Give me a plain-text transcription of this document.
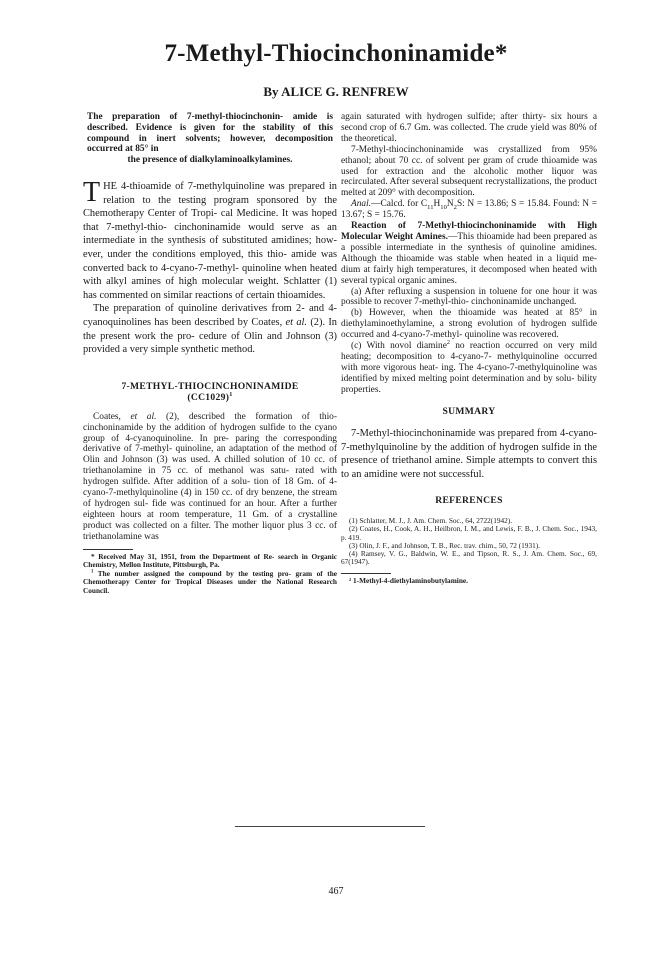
7-Methyl-Thiocinchoninamide*
By ALICE G. RENFREW

The preparation of 7-methyl-thiocinchonin- amide is described. Evidence is given for the stability of this compound in inert solvents; however, decomposition occurred at 85° in
the presence of dialkylaminoalkylamines.

THE 4-thioamide of 7-methylquinoline was prepared in relation to the testing program sponsored by the Chemotherapy Center of Tropi- cal Medicine. It was hoped that 7-methyl-thio- cinchoninamide would serve as an intermediate in the synthesis of substituted amidines; how- ever, under the conditions employed, this thio- amide was converted back to 4-cyano-7-methyl- quinoline when heated with alkyl amines of high molecular weight. Schlatter (1) has commented on similar reactions of certain thioamides.

The preparation of quinoline derivatives from 2- and 4-cyanoquinolines has been described by Coates, et al. (2). In the present work the pro- cedure of Olin and Johnson (3) provided a very simple synthetic method.

7-METHYL-THIOCINCHONINAMIDE
$(CC1029)^1$

Coates, et al. (2), described the formation of thio- cinchoninamide by the addition of hydrogen sulfide to the cyano group of 4-cyanoquinoline. In pre- paring the corresponding derivative of 7-methyl- quinoline, an adaptation of the method of Olin and Johnson (3) was used. A chilled solution of 10 cc. of triethanolamine in 75 cc. of methanol was satu- rated with hydrogen sulfide. After addition of a solu- tion of 18 Gm. of 4-cyano-7-methylquinoline (4) in 150 cc. of dry benzene, the stream of hydrogen sul- fide was continued for an hour. After a further eighteen hours at room temperature, 11 Gm. of a crystalline product was collected on a filter. The mother liquor plus 3 cc. of triethanolamine was

* Received May 31, 1951, from the Department of Re- search in Organic Chemistry, Mellon Institute, Pittsburgh, Pa.

$^1$ The number assigned the compound by the testing pro- gram of the Chemotherapy Center for Tropical Diseases under the National Research Council.

again saturated with hydrogen sulfide; after thirty- six hours a second crop of 6.7 Gm. was collected. The crude yield was 80% of the theoretical.

7-Methyl-thiocinchoninamide was crystallized from 95% ethanol; about 70 cc. of solvent per gram of crude thioamide was used for extraction and the alcoholic mother liquor was recirculated. After several subsequent recrystallizations, the product melted at 209° with decomposition.

Anal.—Calcd. for $C_{11}H_{10}N_2S$: N = 13.86; S = 15.84. Found: N = 13.67; S = 15.76.

Reaction of 7-Methyl-thiocinchoninamide with High Molecular Weight Amines.—This thioamide had been prepared as a possible intermediate in the synthesis of quinoline amidines. Although the thioamide was stable when heated in a liquid me- dium at fairly high temperatures, it decomposed when heated with several typical organic amines.

(a) After refluxing a suspension in toluene for one hour it was possible to recover 7-methyl-thio- cinchoninamide unchanged.

(b) However, when the thioamide was heated at 85° in diethylaminoethylamine, a strong evolution of hydrogen sulfide occurred and 4-cyano-7-methyl- quinoline was recovered.

(c) With novol diamine$^2$ no reaction occurred on very mild heating; decomposition to 4-cyano-7- methylquinoline occurred with more vigorous heat- ing. The 4-cyano-7-methylquinoline was identified by mixed melting point determination and by solu- bility properties.

SUMMARY

7-Methyl-thiocinchoninamide was prepared from 4-cyano-7-methylquinoline by the addition of hydrogen sulfide in the presence of triethanol amine. Simple attempts to convert this to an amidine were not successful.

REFERENCES

(1) Schlatter, M. J., J. Am. Chem. Soc., 64, 2722(1942).

(2) Coates, H., Cook, A. H., Heilbron, I. M., and Lewis, F. B., J. Chem. Soc., 1943, p. 419.

(3) Olin, J. F., and Johnson, T. B., Rec. trav. chim., 50, 72 (1931).

(4) Ramsey, V. G., Baldwin, W. E., and Tipson, R. S., J. Am. Chem. Soc., 69, 67(1947).

² 1-Methyl-4-diethylaminobutylamine.

467
